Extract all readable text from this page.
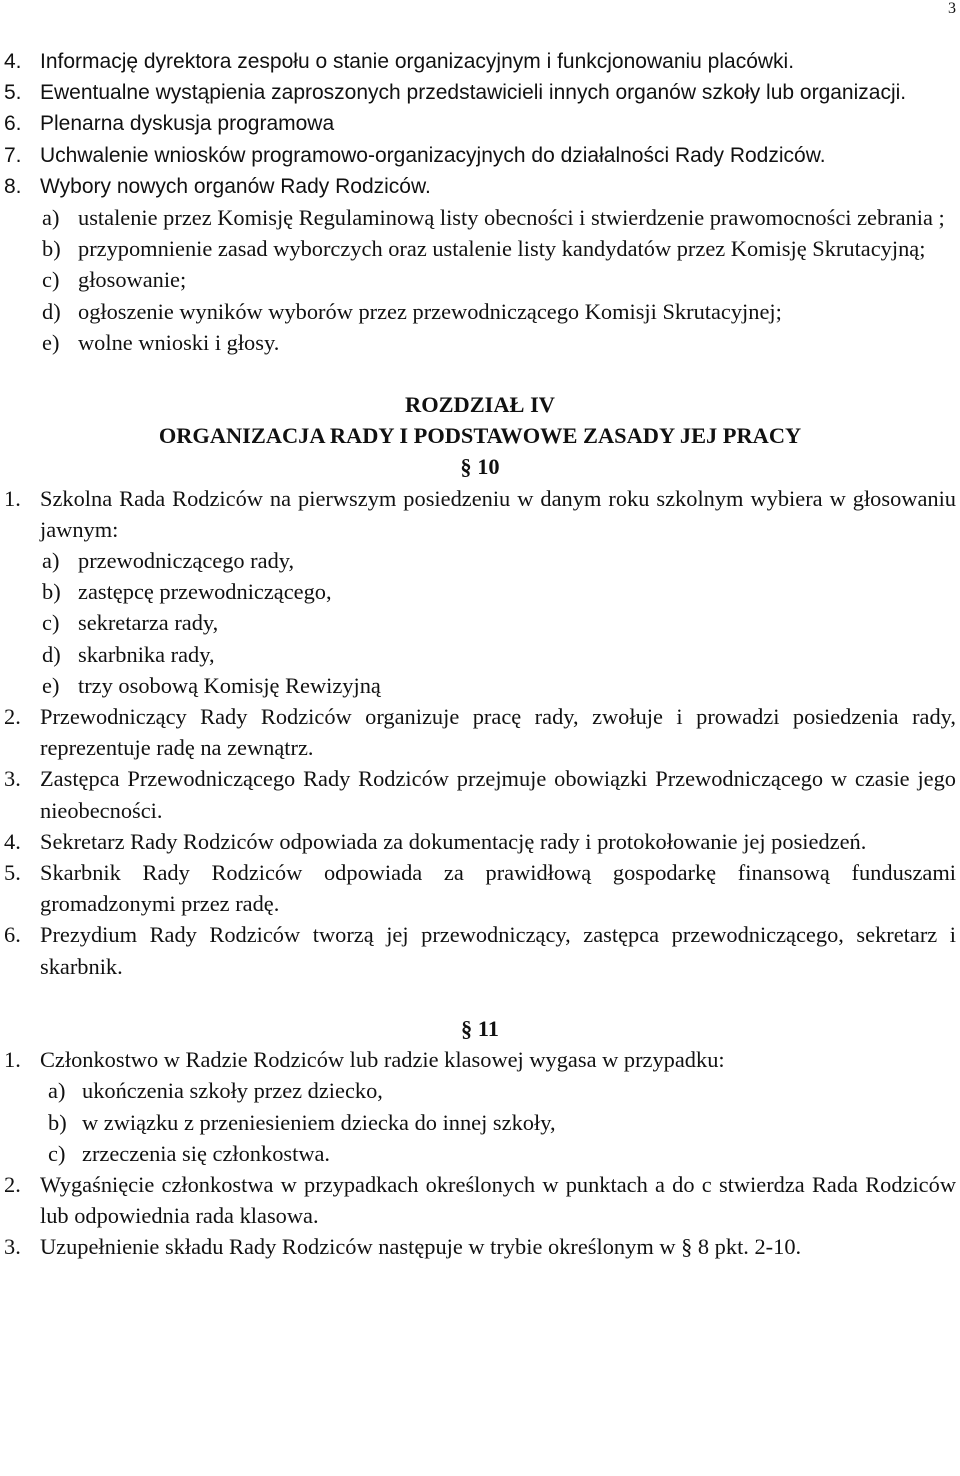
3
4. Informację dyrektora zespołu o stanie organizacyjnym i funkcjonowaniu placówki.
5. Ewentualne wystąpienia zaproszonych przedstawicieli innych organów szkoły lub organizacji.
6. Plenarna dyskusja programowa
7. Uchwalenie wniosków programowo-organizacyjnych do działalności Rady Rodziców.
8. Wybory nowych organów Rady Rodziców.
a) ustalenie przez Komisję Regulaminową listy obecności i stwierdzenie prawomocności zebrania ;
b) przypomnienie zasad wyborczych oraz ustalenie listy kandydatów przez Komisję Skrutacyjną;
c) głosowanie;
d) ogłoszenie wyników wyborów przez przewodniczącego Komisji Skrutacyjnej;
e) wolne wnioski i głosy.
ROZDZIAŁ IV
ORGANIZACJA RADY I PODSTAWOWE ZASADY JEJ PRACY
§ 10
1. Szkolna Rada Rodziców na pierwszym posiedzeniu w danym roku szkolnym wybiera w głosowaniu jawnym:
a) przewodniczącego rady,
b) zastępcę przewodniczącego,
c) sekretarza rady,
d) skarbnika rady,
e) trzy osobową Komisję Rewizyjną
2. Przewodniczący Rady Rodziców organizuje pracę rady, zwołuje i prowadzi posiedzenia rady, reprezentuje radę na zewnątrz.
3. Zastępca Przewodniczącego Rady Rodziców przejmuje obowiązki Przewodniczącego w czasie jego nieobecności.
4. Sekretarz Rady Rodziców odpowiada za dokumentację rady i protokołowanie jej posiedzeń.
5. Skarbnik Rady Rodziców odpowiada za prawidłową gospodarkę finansową funduszami gromadzonymi przez radę.
6. Prezydium Rady Rodziców tworzą jej przewodniczący, zastępca przewodniczącego, sekretarz i skarbnik.
§ 11
1. Członkostwo w Radzie Rodziców lub radzie klasowej wygasa w przypadku:
a) ukończenia szkoły przez dziecko,
b) w związku z przeniesieniem dziecka do innej szkoły,
c) zrzeczenia się członkostwa.
2. Wygaśnięcie członkostwa w przypadkach określonych w punktach a do c stwierdza Rada Rodziców lub odpowiednia rada klasowa.
3. Uzupełnienie składu Rady Rodziców następuje w trybie określonym w § 8 pkt. 2-10.
